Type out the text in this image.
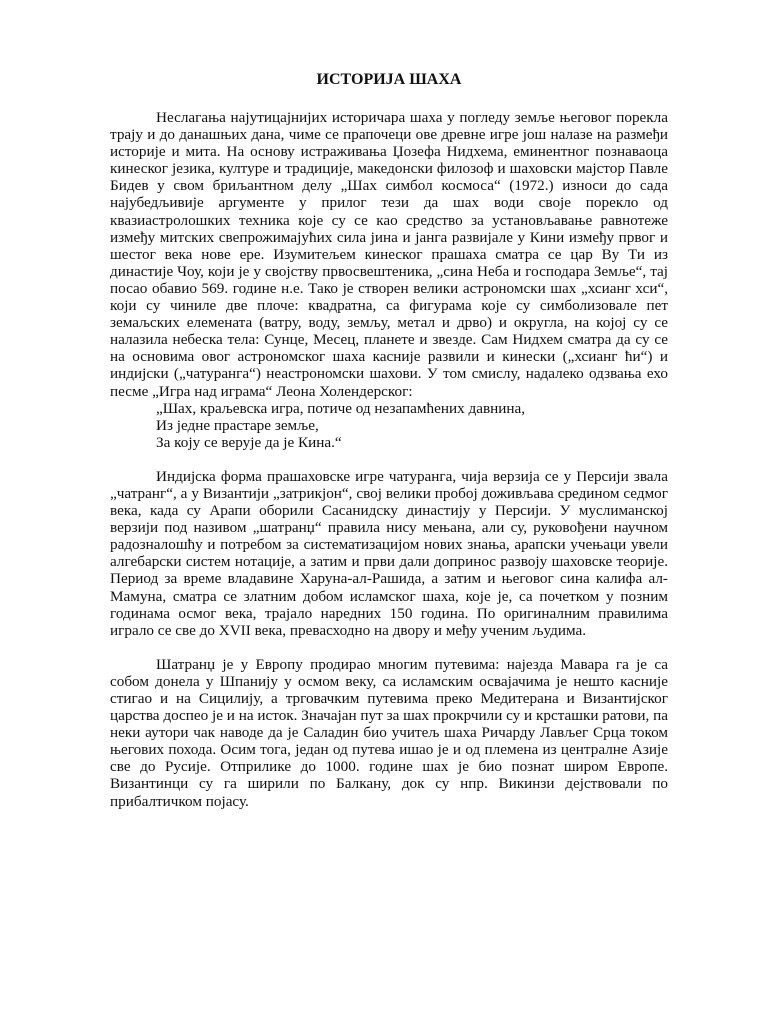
ИСТОРИЈА ШАХА

Неслагања најутицајнијих историчара шаха у погледу земље његовог порекла трају и до данашњих дана, чиме се прапочеци ове древне игре још налазе на размеђи историје и мита. На основу истраживања Џозефа Нидхема, еминентног познаваоца кинеског језика, културе и традиције, македонски филозоф и шаховски мајстор Павле Бидев у свом бриљантном делу „Шах симбол космоса“ (1972.) износи до сада најубедљивије аргументе у прилог тези да шах води своје порекло од квазиастролошких техника које су се као средство за установљавање равнотеже између митских свепрожимајућих сила јина и јанга развијале у Кини између првог и шестог века нове ере. Изумитељем кинеског прашаха сматра се цар Ву Ти из династије Чоу, који је у својству првосвештеника, „сина Неба и господара Земље“, тај посао обавио 569. године н.е. Тако је створен велики астрономски шах „хсианг хси“, који су чиниле две плоче: квадратна, са фигурама које су симболизовале пет земаљских елемената (ватру, воду, земљу, метал и дрво) и округла, на којој су се налазила небеска тела: Сунце, Месец, планете и звезде. Сам Нидхем сматра да су се на основима овог астрономског шаха касније развили и кинески („хсианг ћи“) и индијски („чатуранга“) неастрономски шахови. У том смислу, надалеко одзвања ехо песме „Игра над играма“ Леона Холендерског:

„Шах, краљевска игра, потиче од незапамћених давнина,
Из једне прастаре земље,
За коју се верује да је Кина.“

Индијска форма прашаховске игре чатуранга, чија верзија се у Персији звала „чатранг“, а у Византији „затрикјон“, свој велики пробој доживљава средином седмог века, када су Арапи оборили Сасанидску династију у Персији. У муслиманској верзији под називом „шатранџ“ правила нису мењана, али су, руковођени научном радозналошћу и потребом за систематизацијом нових знања, арапски учењаци увели алгебарски систем нотације, а затим и први дали допринос развоју шаховске теорије. Период за време владавине Харуна-ал-Рашида, а затим и његовог сина калифа ал-Мамуна, сматра се златним добом исламског шаха, које је, са почетком у позним годинама осмог века, трајало наредних 150 година. По оригиналним правилима играло се све до XVII века, превасходно на двору и међу ученим људима.

Шатранџ је у Европу продирао многим путевима: најезда Мавара га је са собом донела у Шпанију у осмом веку, са исламским освајачима је нешто касније стигао и на Сицилију, а трговачким путевима преко Медитерана и Византијског царства доспео је и на исток. Значајан пут за шах прокрчили су и крсташки ратови, па неки аутори чак наводе да је Саладин био учитељ шаха Ричарду Лављег Срца током његових похода. Осим тога, један од путева ишао је и од племена из централне Азије све до Русије. Отприлике до 1000. године шах је био познат широм Европе. Византинци су га ширили по Балкану, док су нпр. Викинзи дејствовали по прибалтичком појасу.
